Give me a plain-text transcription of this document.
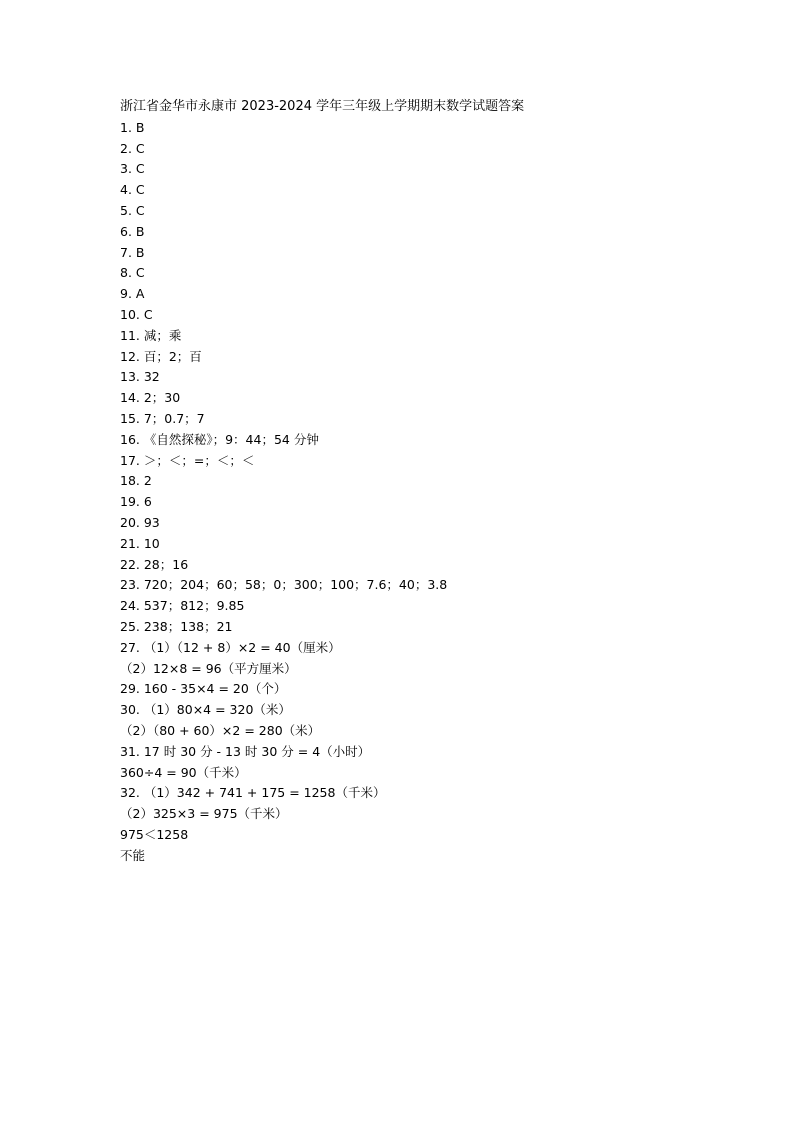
浙江省金华市永康市 2023-2024 学年三年级上学期期末数学试题答案
1. B
2. C
3. C
4. C
5. C
6. B
7. B
8. C
9. A
10. C
11. 减；乘
12. 百；2；百
13. 32
14. 2；30
15. 7；0.7；7
16. 《自然探秘》；9：44；54 分钟
17. ＞；＜；=；＜；＜
18. 2
19. 6
20. 93
21. 10
22. 28；16
23. 720；204；60；58；0；300；100；7.6；40；3.8
24. 537；812；9.85
25. 238；138；21
27. （1）（12 + 8）×2 = 40（厘米）
（2）12×8 = 96（平方厘米）
29. 160 - 35×4 = 20（个）
30. （1）80×4 = 320（米）
（2）（80 + 60）×2 = 280（米）
31. 17 时 30 分 - 13 时 30 分 = 4（小时）
360÷4 = 90（千米）
32. （1）342 + 741 + 175 = 1258（千米）
（2）325×3 = 975（千米）
975＜1258
不能
